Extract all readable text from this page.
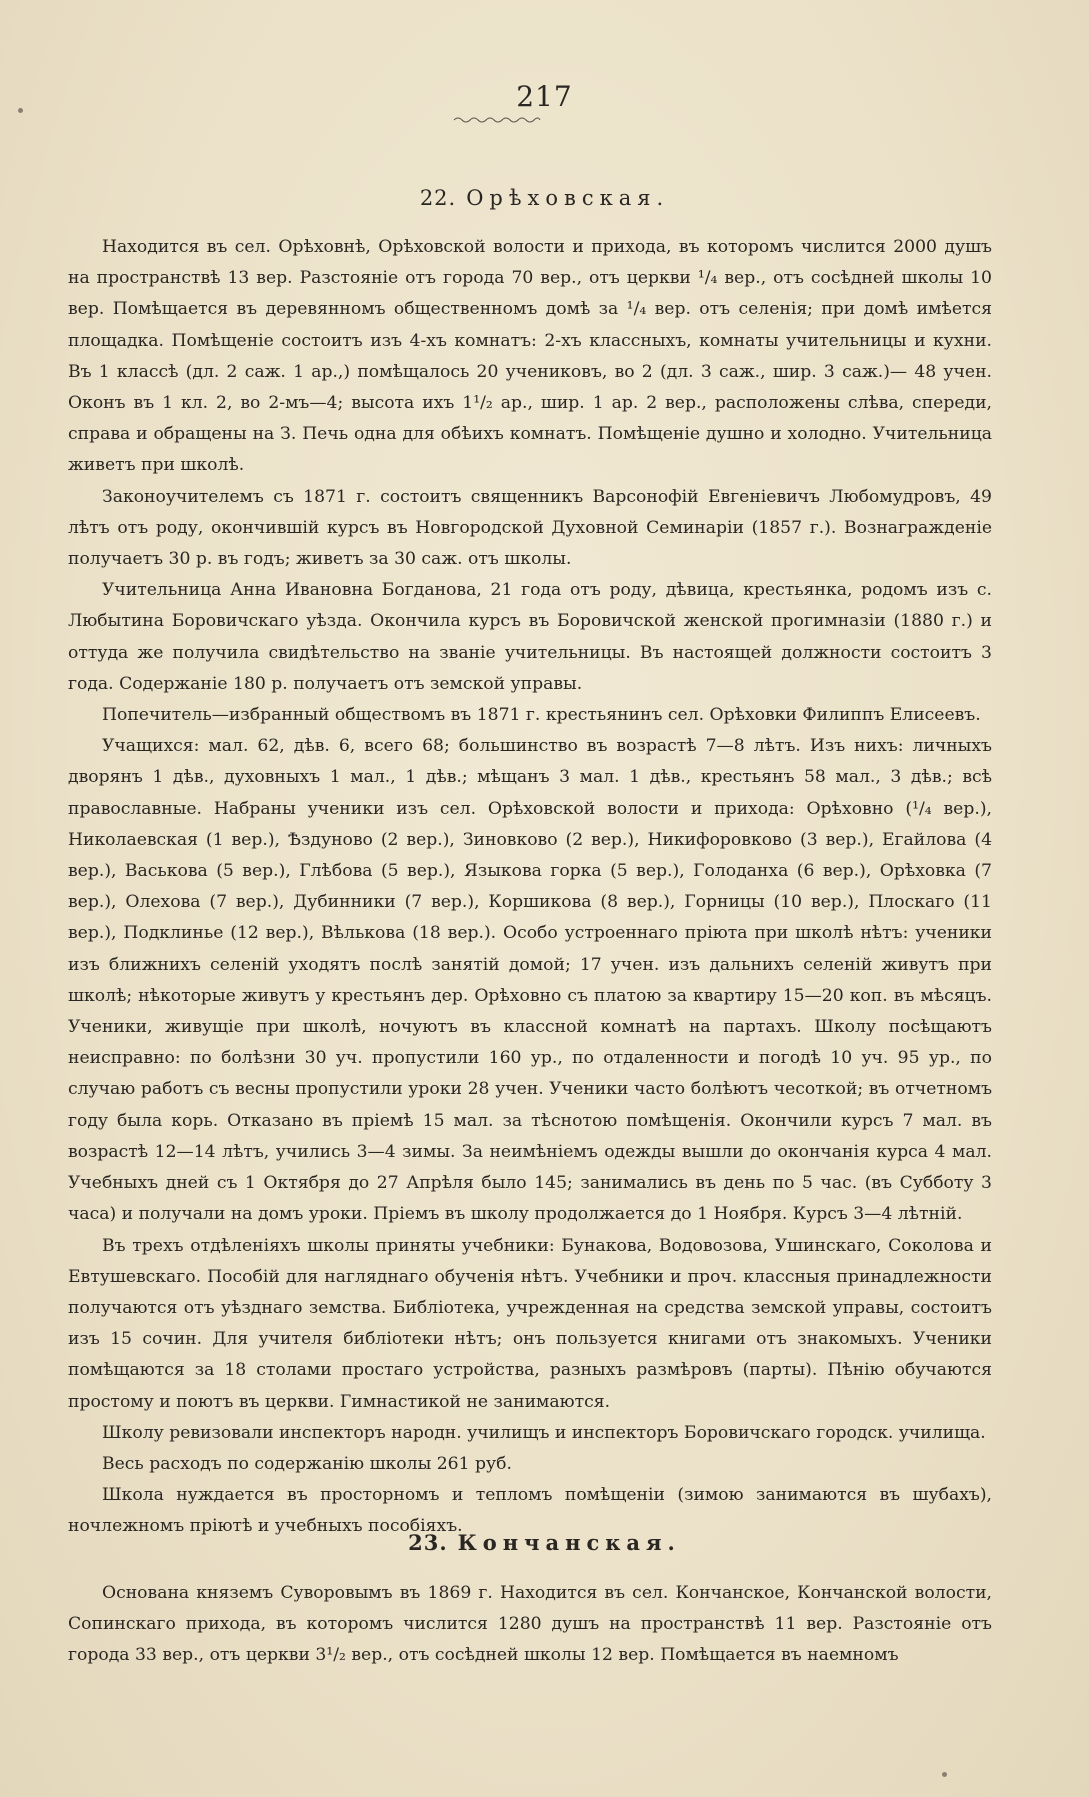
217
22. Орѣховская.

Находится въ сел. Орѣховнѣ, Орѣховской волости и прихода, въ которомъ числится 2000 душъ на пространствѣ 13 вер. Разстояніе отъ города 70 вер., отъ церкви ¹/₄ вер., отъ сосѣдней школы 10 вер. Помѣщается въ деревянномъ общественномъ домѣ за ¹/₄ вер. отъ селенія; при домѣ имѣется площадка. Помѣщеніе состоитъ изъ 4-хъ комнатъ: 2-хъ классныхъ, комнаты учительницы и кухни. Въ 1 классѣ (дл. 2 саж. 1 ар.,) помѣщалось 20 учениковъ, во 2 (дл. 3 саж., шир. 3 саж.)— 48 учен. Оконъ въ 1 кл. 2, во 2-мъ—4; высота ихъ 1¹/₂ ар., шир. 1 ар. 2 вер., расположены слѣва, спереди, справа и обращены на З. Печь одна для обѣихъ комнатъ. Помѣщеніе душно и холодно. Учительница живетъ при школѣ.

Законоучителемъ съ 1871 г. состоитъ священникъ Варсонофій Евгеніевичъ Любомудровъ, 49 лѣтъ отъ роду, окончившій курсъ въ Новгородской Духовной Семинаріи (1857 г.). Вознагражденіе получаетъ 30 р. въ годъ; живетъ за 30 саж. отъ школы.

Учительница Анна Ивановна Богданова, 21 года отъ роду, дѣвица, крестьянка, родомъ изъ с. Любытина Боровичскаго уѣзда. Окончила курсъ въ Боровичской женской прогимназіи (1880 г.) и оттуда же получила свидѣтельство на званіе учительницы. Въ настоящей должности состоитъ 3 года. Содержаніе 180 р. получаетъ отъ земской управы.

Попечитель—избранный обществомъ въ 1871 г. крестьянинъ сел. Орѣховки Филиппъ Елисеевъ.

Учащихся: мал. 62, дѣв. 6, всего 68; большинство въ возрастѣ 7—8 лѣтъ. Изъ нихъ: личныхъ дворянъ 1 дѣв., духовныхъ 1 мал., 1 дѣв.; мѣщанъ 3 мал. 1 дѣв., крестьянъ 58 мал., 3 дѣв.; всѣ православные. Набраны ученики изъ сел. Орѣховской волости и прихода: Орѣховно (¹/₄ вер.), Николаевская (1 вер.), Ѣздуново (2 вер.), Зиновково (2 вер.), Никифоровково (3 вер.), Егайлова (4 вер.), Васькова (5 вер.), Глѣбова (5 вер.), Языкова горка (5 вер.), Голоданха (6 вер.), Орѣховка (7 вер.), Олехова (7 вер.), Дубинники (7 вер.), Коршикова (8 вер.), Горницы (10 вер.), Плоскаго (11 вер.), Подклинье (12 вер.), Вѣлькова (18 вер.). Особо устроеннаго пріюта при школѣ нѣтъ: ученики изъ ближнихъ селеній уходятъ послѣ занятій домой; 17 учен. изъ дальнихъ селеній живутъ при школѣ; нѣкоторые живутъ у крестьянъ дер. Орѣховно съ платою за квартиру 15—20 коп. въ мѣсяцъ. Ученики, живущіе при школѣ, ночуютъ въ классной комнатѣ на партахъ. Школу посѣщаютъ неисправно: по болѣзни 30 уч. пропустили 160 ур., по отдаленности и погодѣ 10 уч. 95 ур., по случаю работъ съ весны пропустили уроки 28 учен. Ученики часто болѣютъ чесоткой; въ отчетномъ году была корь. Отказано въ пріемѣ 15 мал. за тѣснотою помѣщенія. Окончили курсъ 7 мал. въ возрастѣ 12—14 лѣтъ, учились 3—4 зимы. За неимѣніемъ одежды вышли до окончанія курса 4 мал. Учебныхъ дней съ 1 Октября до 27 Апрѣля было 145; занимались въ день по 5 час. (въ Субботу 3 часа) и получали на домъ уроки. Пріемъ въ школу продолжается до 1 Ноября. Курсъ 3—4 лѣтній.

Въ трехъ отдѣленіяхъ школы приняты учебники: Бунакова, Водовозова, Ушинскаго, Соколова и Евтушевскаго. Пособій для нагляднаго обученія нѣтъ. Учебники и проч. классныя принадлежности получаются отъ уѣзднаго земства. Библіотека, учрежденная на средства земской управы, состоитъ изъ 15 сочин. Для учителя библіотеки нѣтъ; онъ пользуется книгами отъ знакомыхъ. Ученики помѣщаются за 18 столами простаго устройства, разныхъ размѣровъ (парты). Пѣнію обучаются простому и поютъ въ церкви. Гимнастикой не занимаются.

Школу ревизовали инспекторъ народн. училищъ и инспекторъ Боровичскаго городск. училища.

Весь расходъ по содержанію школы 261 руб.

Школа нуждается въ просторномъ и тепломъ помѣщеніи (зимою занимаются въ шубахъ), ночлежномъ пріютѣ и учебныхъ пособіяхъ.

23. Кончанская.

Основана княземъ Суворовымъ въ 1869 г. Находится въ сел. Кончанское, Кончанской волости, Сопинскаго прихода, въ которомъ числится 1280 душъ на пространствѣ 11 вер. Разстояніе отъ города 33 вер., отъ церкви 3¹/₂ вер., отъ сосѣдней школы 12 вер. Помѣщается въ наемномъ
